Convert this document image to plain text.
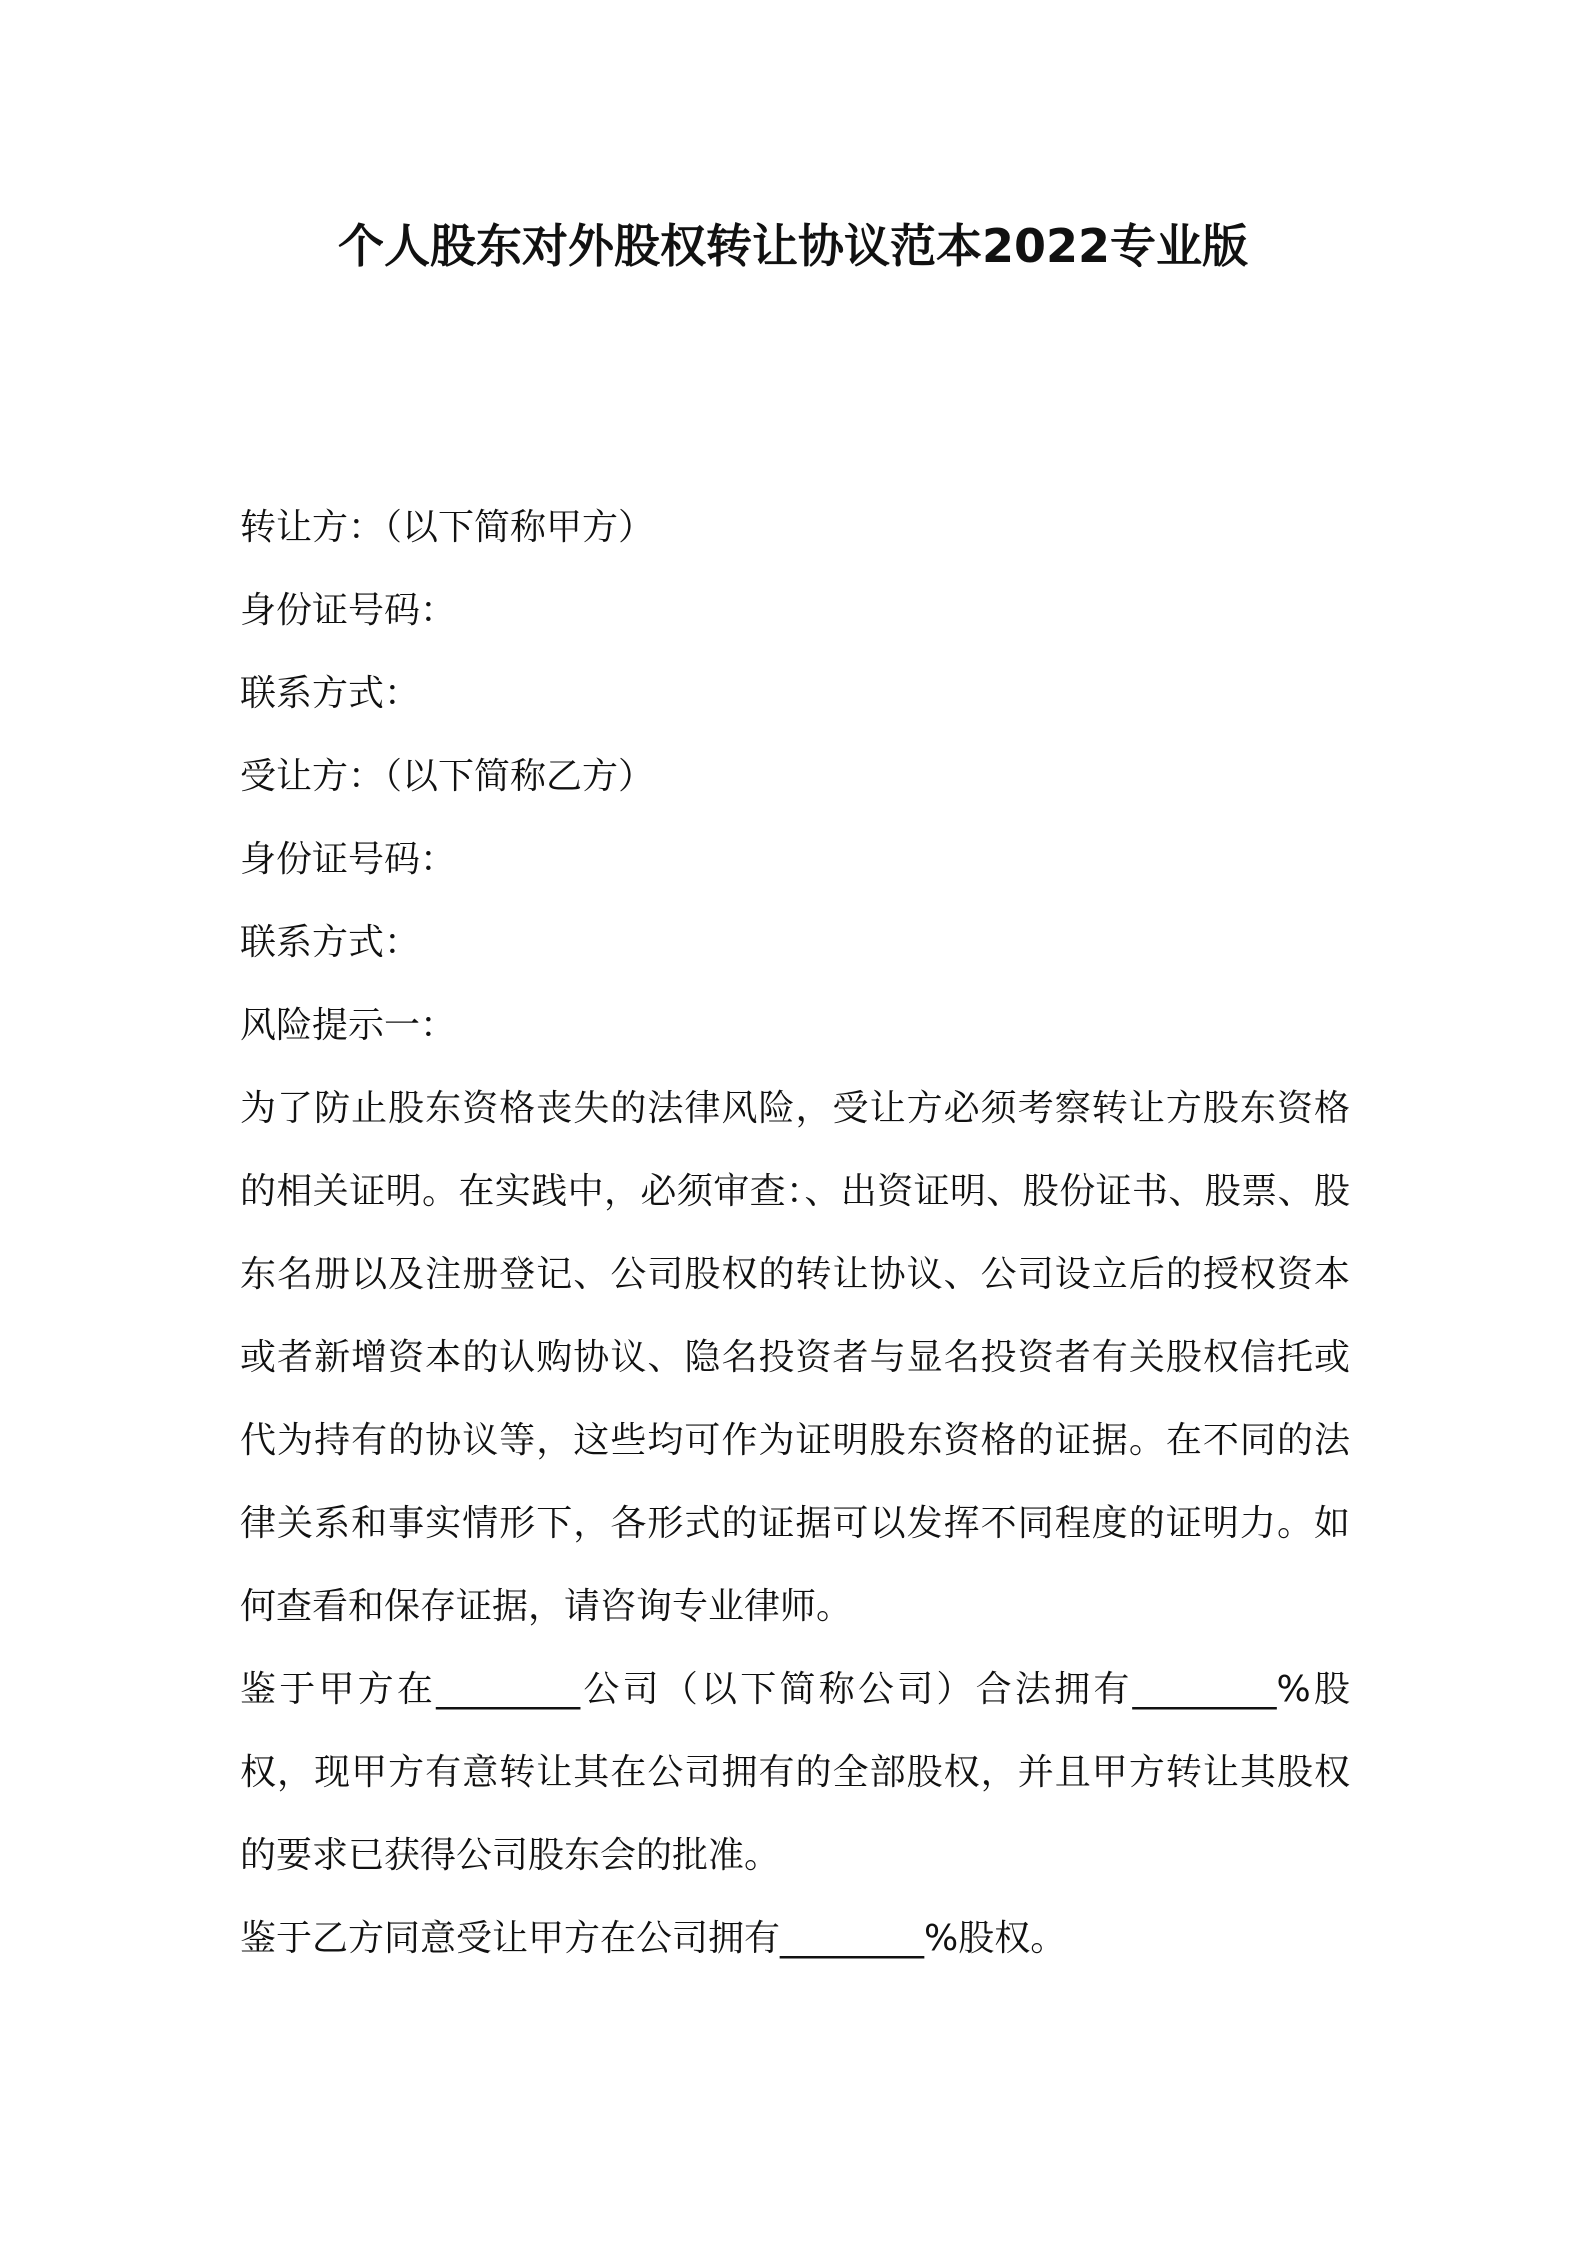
个人股东对外股权转让协议范本2022专业版
转让方：（以下简称甲方）
身份证号码：
联系方式：
受让方：（以下简称乙方）
身份证号码：
联系方式：
风险提示一：
为了防止股东资格丧失的法律风险，受让方必须考察转让方股东资格的相关证明。在实践中，必须审查：、出资证明、股份证书、股票、股东名册以及注册登记、公司股权的转让协议、公司设立后的授权资本或者新增资本的认购协议、隐名投资者与显名投资者有关股权信托或代为持有的协议等，这些均可作为证明股东资格的证据。在不同的法律关系和事实情形下，各形式的证据可以发挥不同程度的证明力。如何查看和保存证据，请咨询专业律师。
鉴于甲方在________公司（以下简称公司）合法拥有________%股权，现甲方有意转让其在公司拥有的全部股权，并且甲方转让其股权的要求已获得公司股东会的批准。
鉴于乙方同意受让甲方在公司拥有________%股权。
